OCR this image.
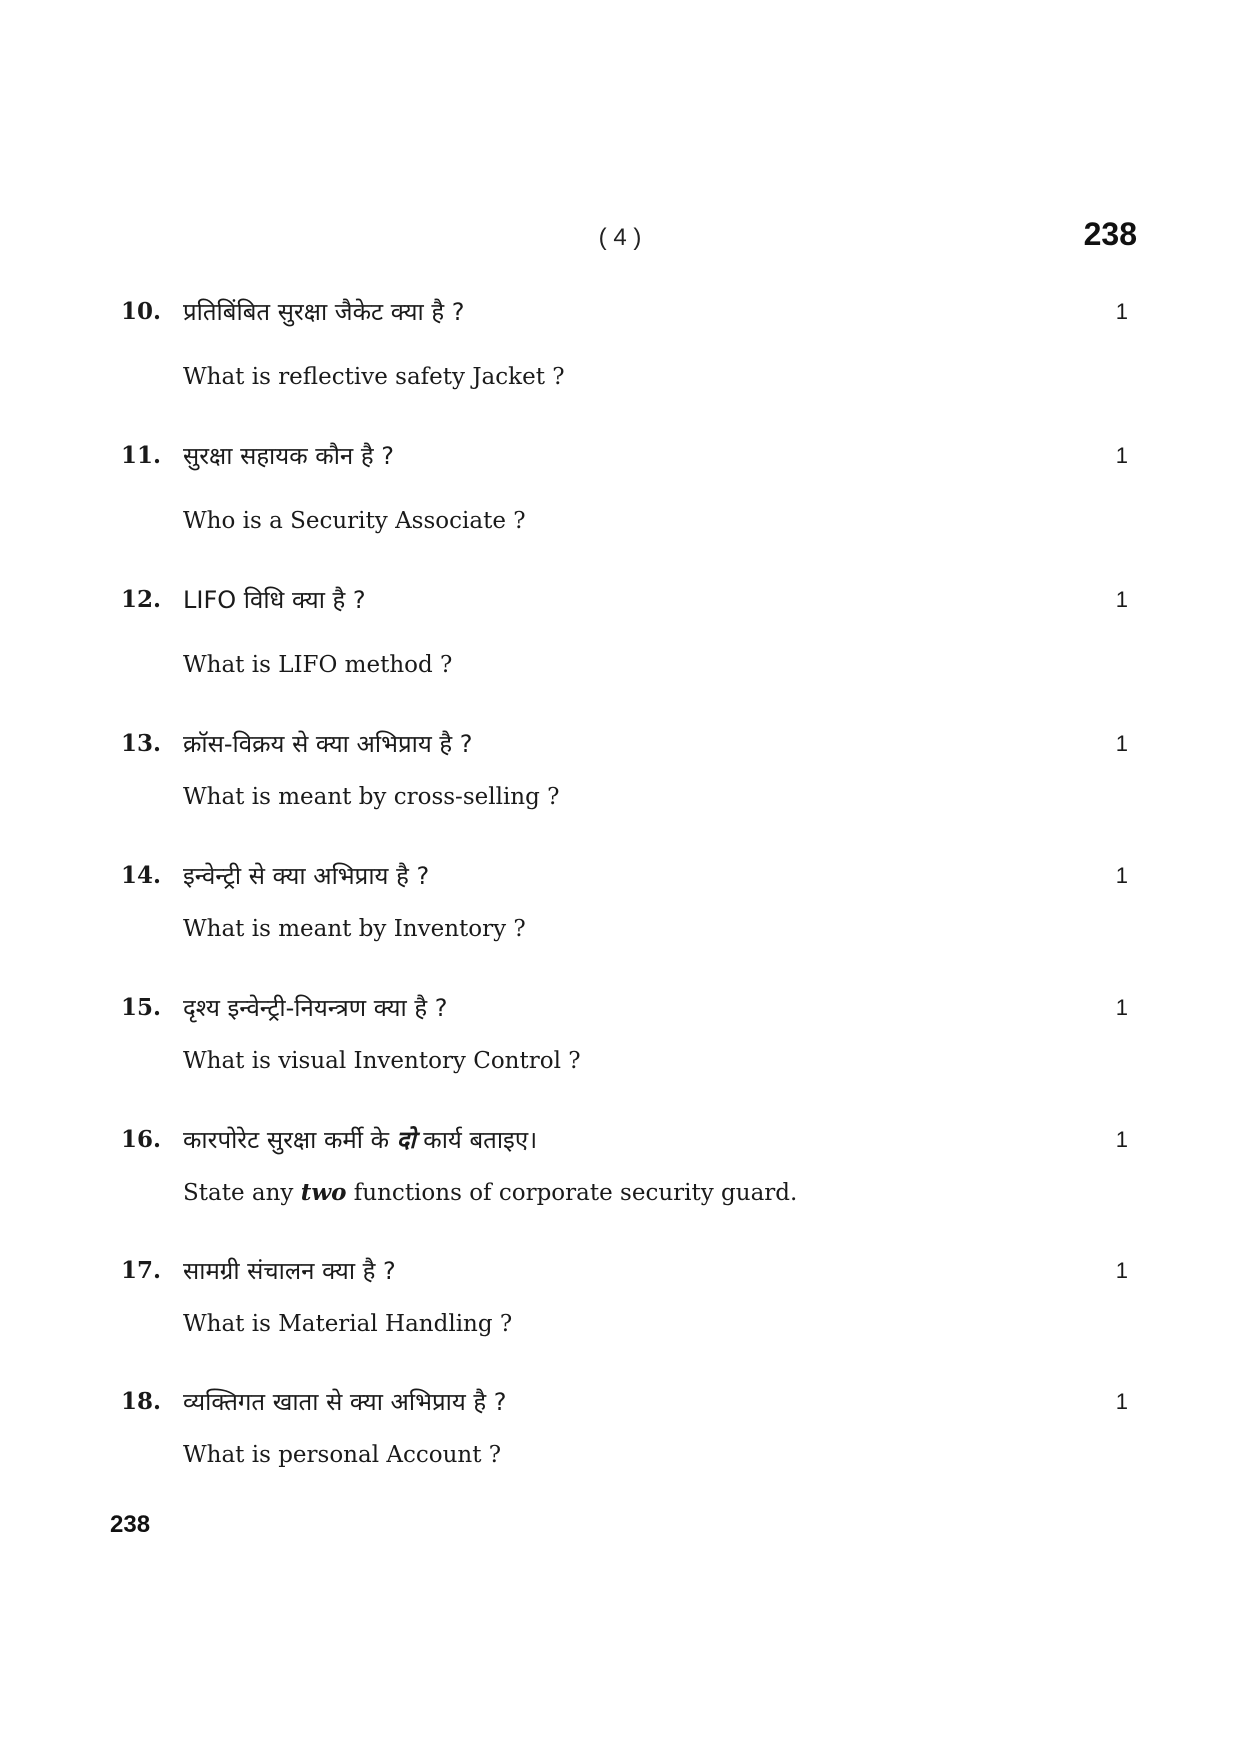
( 4 )	238
10. प्रतिबिंबित सुरक्षा जैकेट क्या है ?
What is reflective safety Jacket ?
1
11. सुरक्षा सहायक कौन है ?
Who is a Security Associate ?
1
12. LIFO विधि क्या है ?
What is LIFO method ?
1
13. क्रॉस-विक्रय से क्या अभिप्राय है ?
What is meant by cross-selling ?
1
14. इन्वेन्ट्री से क्या अभिप्राय है ?
What is meant by Inventory ?
1
15. दृश्य इन्वेन्ट्री-नियन्त्रण क्या है ?
What is visual Inventory Control ?
1
16. कारपोरेट सुरक्षा कर्मी के दो कार्य बताइए।
State any two functions of corporate security guard.
1
17. सामग्री संचालन क्या है ?
What is Material Handling ?
1
18. व्यक्तिगत खाता से क्या अभिप्राय है ?
What is personal Account ?
1
238
